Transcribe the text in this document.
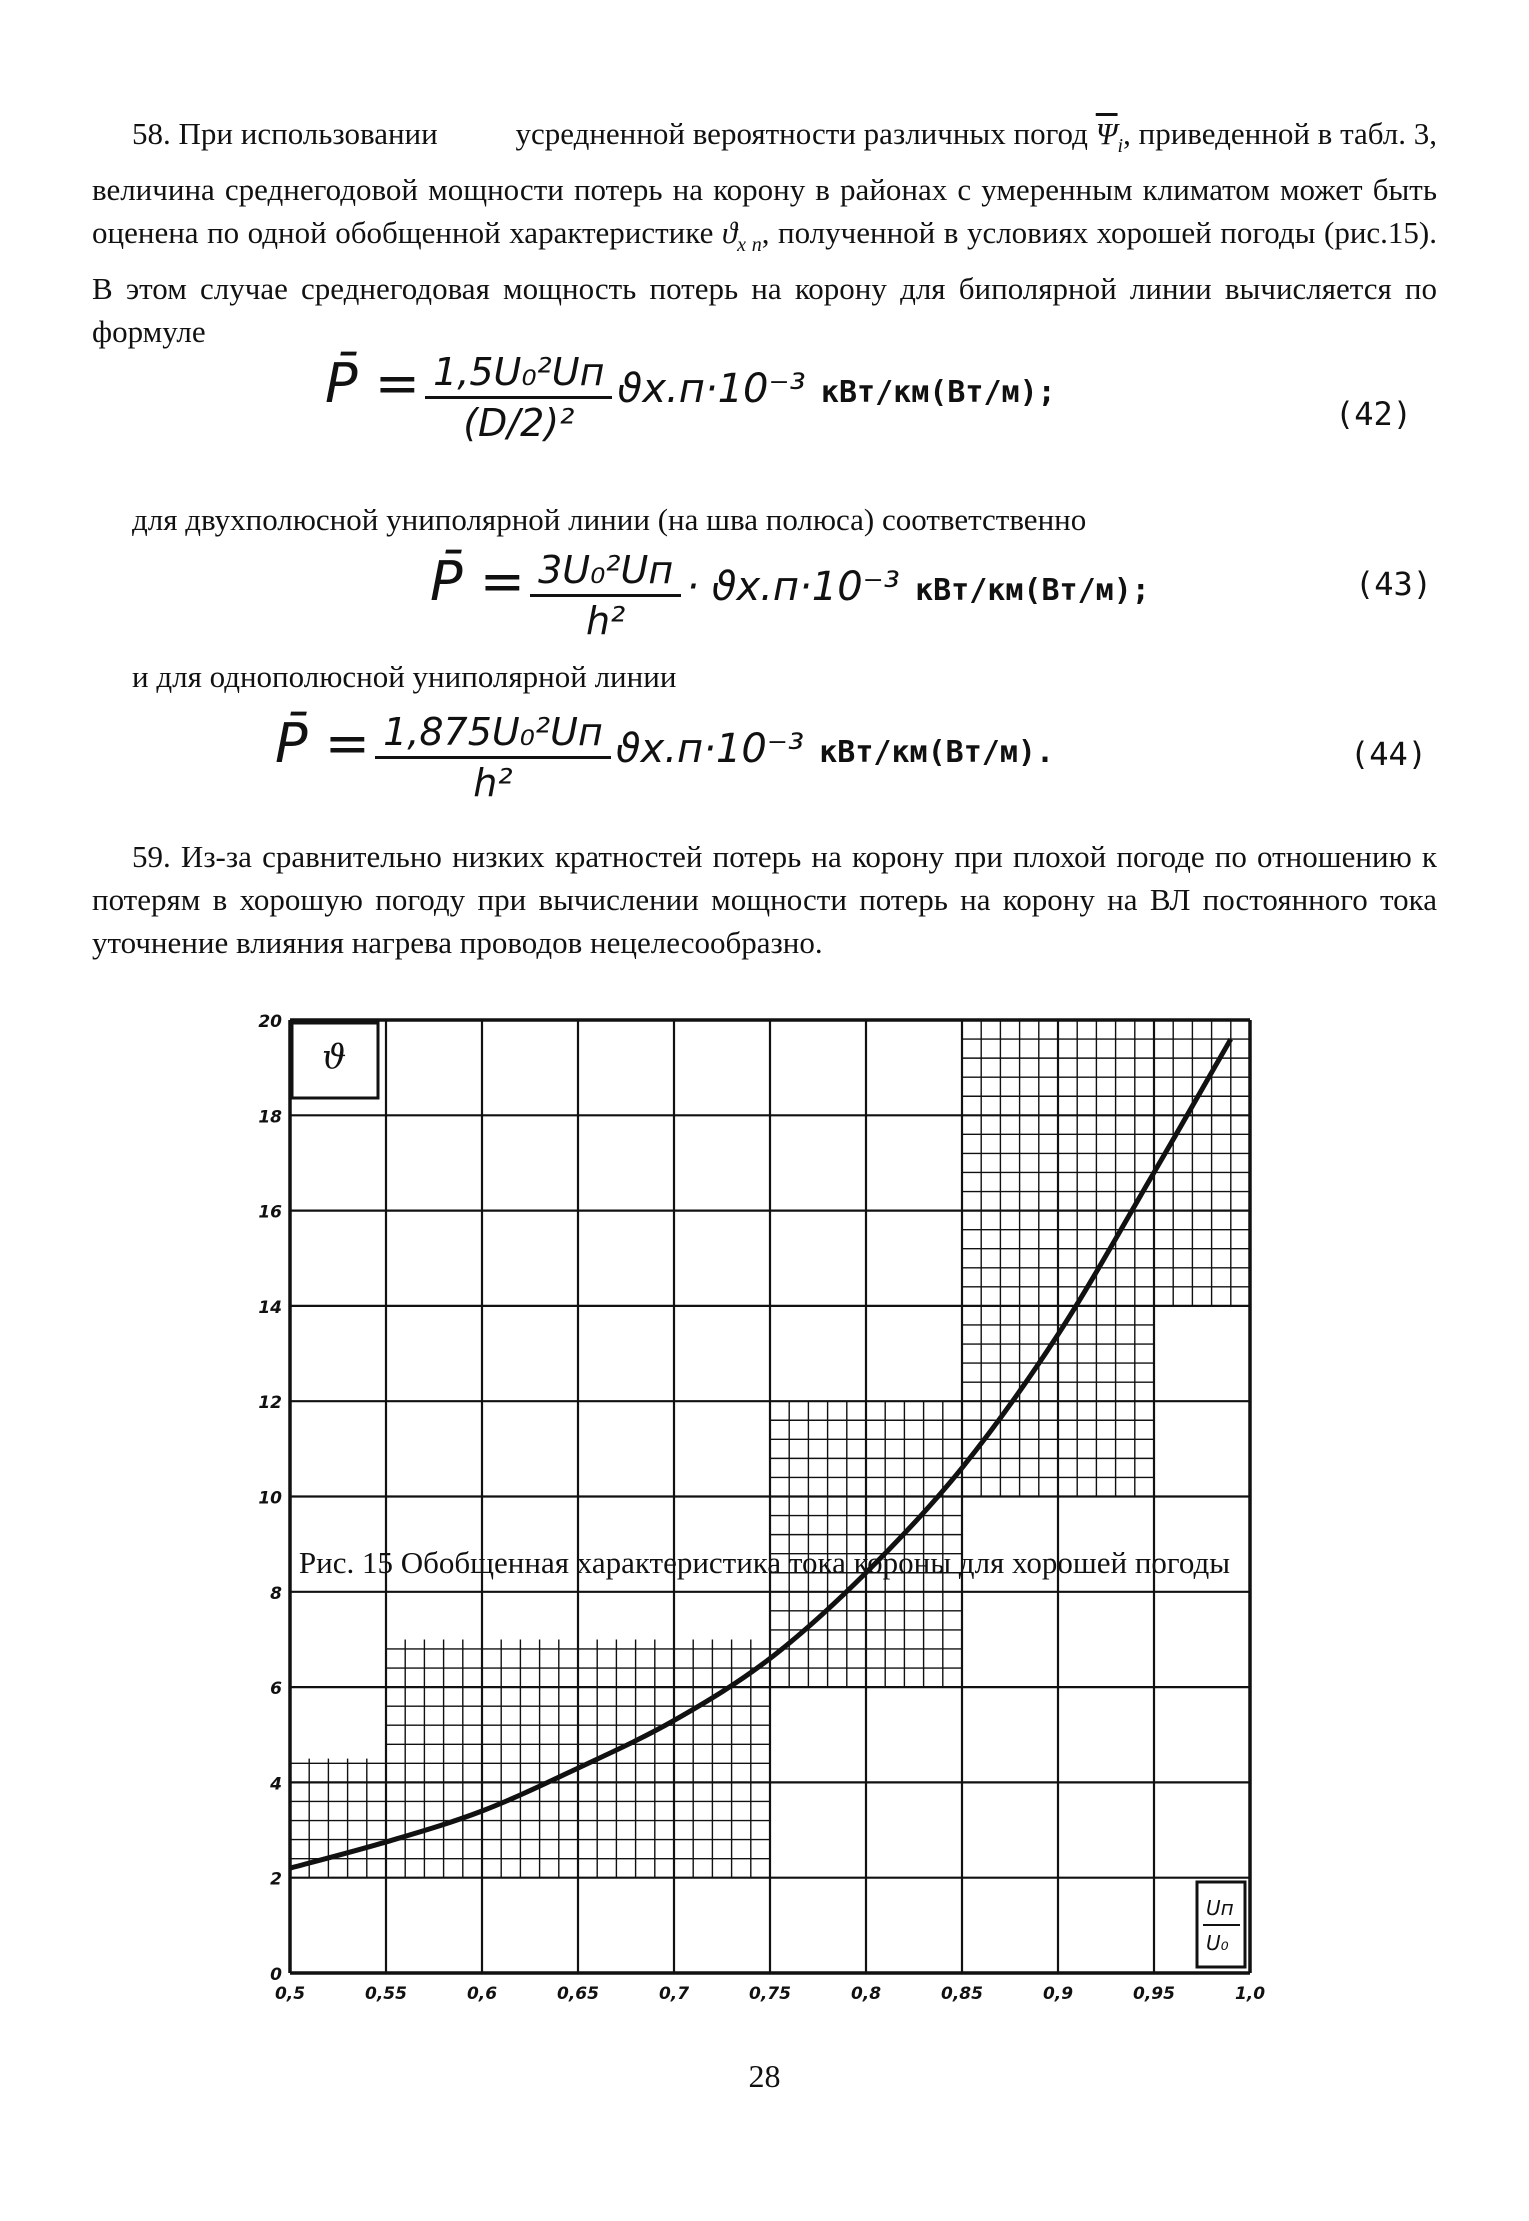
58. При использовании	усредненной вероятности различных погод $\overline{\Psi}_i$, приведенной в табл. 3, величина среднегодовой мощности потерь на корону в районах с умеренным климатом может быть оценена по одной обобщенной характеристике $ϑ_{x п}$, полученной в условиях хорошей погоды (рис.15). В этом случае среднегодовая мощность потерь на корону для биполярной линии вычисляется по формуле

P̄ = $\frac{\text{1,5U₀²Uп}}{\text{(D/2)²}} ϑx.п\cdot 10^{-3}$ кВт/км(Вт/м);
(42)

для двухполюсной униполярной линии (на шва полюса) соответственно

P̄ = $\frac{\text{3U₀²Uп}}{\text{h²}} \cdot ϑx.п\cdot 10^{-3}$ кВт/км(Вт/м);	(43)

и для однополюсной униполярной линии

P̄ = $\frac{\text{1,875U₀²Uп}}{\text{h²}} ϑx.п\cdot 10^{-3}$ кВт/км(Вт/м).	(44)

59. Из-за сравнительно низких кратностей потерь на корону при плохой погоде по отношению к потерям в хорошую погоду при вычислении мощности потерь на корону на ВЛ постоянного тока уточнение влияния нагрева проводов нецелесообразно.

0
2
4
6
8
10
12
14
16
18
20
0,5	0,55	0,6	0,65	0,7	0,75	0,8	0,85	0,9	0,95	1,0
ϑ
Uп
U₀
Рис. 15 Обобщенная характеристика тока короны для хорошей погоды
28
